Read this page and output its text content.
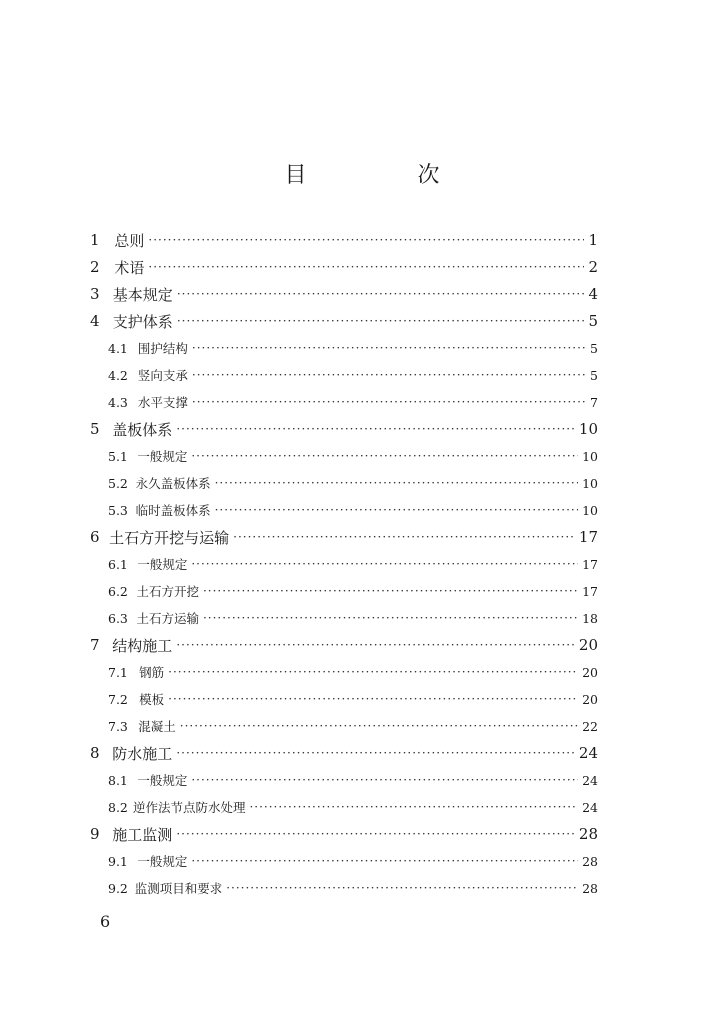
目 次
1 总则 ·····	1
2 术语 ·····	2
3 基本规定 ·····	4
4 支护体系 ·····	5
4.1 围护结构 ·····	5
4.2 竖向支承 ·····	5
4.3 水平支撑 ·····	7
5 盖板体系 ·····	10
5.1 一般规定 ·····	10
5.2 永久盖板体系 ·····	10
5.3 临时盖板体系 ·····	10
6 土石方开挖与运输 ·····	17
6.1 一般规定 ·····	17
6.2 土石方开挖 ·····	17
6.3 土石方运输 ·····	18
7 结构施工 ·····	20
7.1 钢筋 ·····	20
7.2 模板 ·····	20
7.3 混凝土 ·····	22
8 防水施工 ·····	24
8.1 一般规定 ·····	24
8.2 逆作法节点防水处理 ·····	24
9 施工监测 ·····	28
9.1 一般规定 ·····	28
9.2 监测项目和要求 ·····	28
6
